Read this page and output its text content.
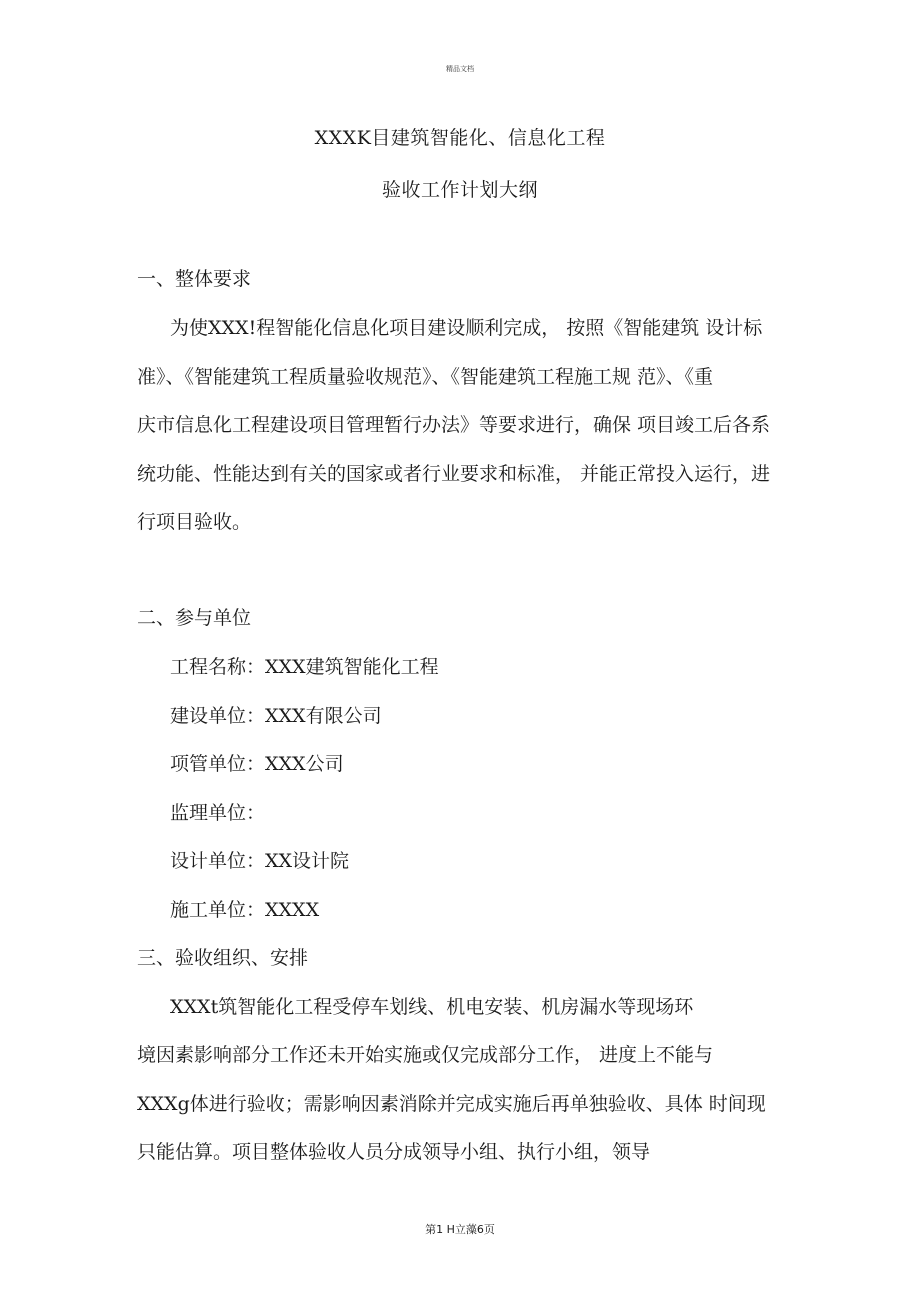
精品文档
XXXK目建筑智能化、信息化工程
验收工作计划大纲
一、整体要求
为使XXX!程智能化信息化项目建设顺利完成， 按照《智能建筑 设计标
准》、《智能建筑工程质量验收规范》、《智能建筑工程施工规 范》、《重
庆市信息化工程建设项目管理暂行办法》等要求进行，确保 项目竣工后各系
统功能、性能达到有关的国家或者行业要求和标准， 并能正常投入运行，进
行项目验收。
二、参与单位
工程名称：XXX建筑智能化工程
建设单位：XXX有限公司
项管单位：XXX公司
监理单位：
设计单位：XX设计院
施工单位：XXXX
三、验收组织、安排
XXXt筑智能化工程受停车划线、机电安装、机房漏水等现场环
境因素影响部分工作还未开始实施或仅完成部分工作， 进度上不能与
XXXg体进行验收；需影响因素消除并完成实施后再单独验收、具体 时间现
只能估算。项目整体验收人员分成领导小组、执行小组，领导
第1 H立藻6页
